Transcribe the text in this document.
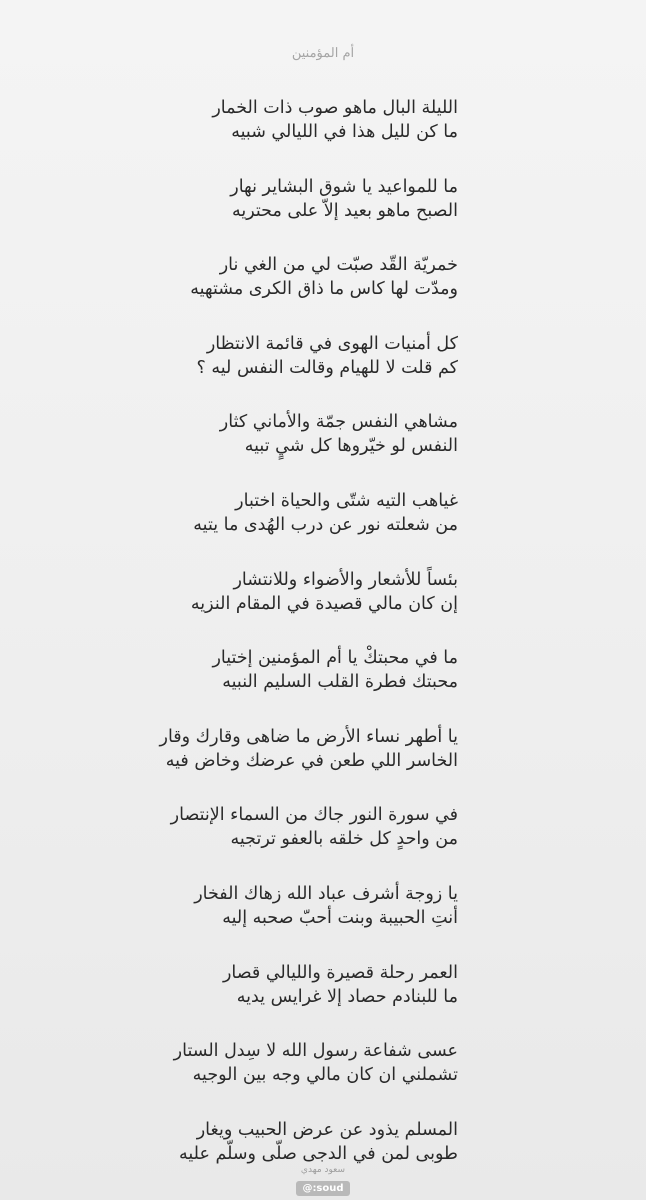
أم المؤمنين
الليلة البال ماهو صوب ذات الخمار
ما كن لليل هذا في الليالي شبيه
ما للمواعيد يا شوق البشاير نهار
الصبح ماهو بعيد إلاّ على محتريه
خمريّة القّد صبّت لي من الغي نار
ومدّت لها كاس ما ذاق الكرى مشتهيه
كل أمنيات الهوى في قائمة الانتظار
كم قلت لا للهيام وقالت النفس ليه ؟
مشاهي النفس جمّة والأماني كثار
النفس لو خيّروها كل شيٍ تبيه
غياهب التيه شتّى والحياة اختبار
من شعلته نور عن درب الهُدى ما يتيه
بئساً للأشعار والأضواء وللانتشار
إن كان مالي قصيدة في المقام النزيه
ما في محبتكْ يا أم المؤمنين إختيار
محبتك فطرة القلب السليم النبيه
يا أطهر نساء الأرض ما ضاهى وقارك وقار
الخاسر اللي طعن في عرضك وخاض فيه
في سورة النور جاك من السماء الإنتصار
من واحدٍ كل خلقه بالعفو ترتجيه
يا زوجة أشرف عباد الله زهاك الفخار
أنتِ الحبيبة وبنت أحبّ صحبه إليه
العمر رحلة قصيرة والليالي قصار
ما للبنادم حصاد إلا غرايس يديه
عسى شفاعة رسول الله لا سِدل الستار
تشملني ان كان مالي وجه بين الوجيه
المسلم يذود عن عرض الحبيب ويغار
طوبى لمن في الدجى صلّى وسلّم عليه
سعود مهدي
@:soud
